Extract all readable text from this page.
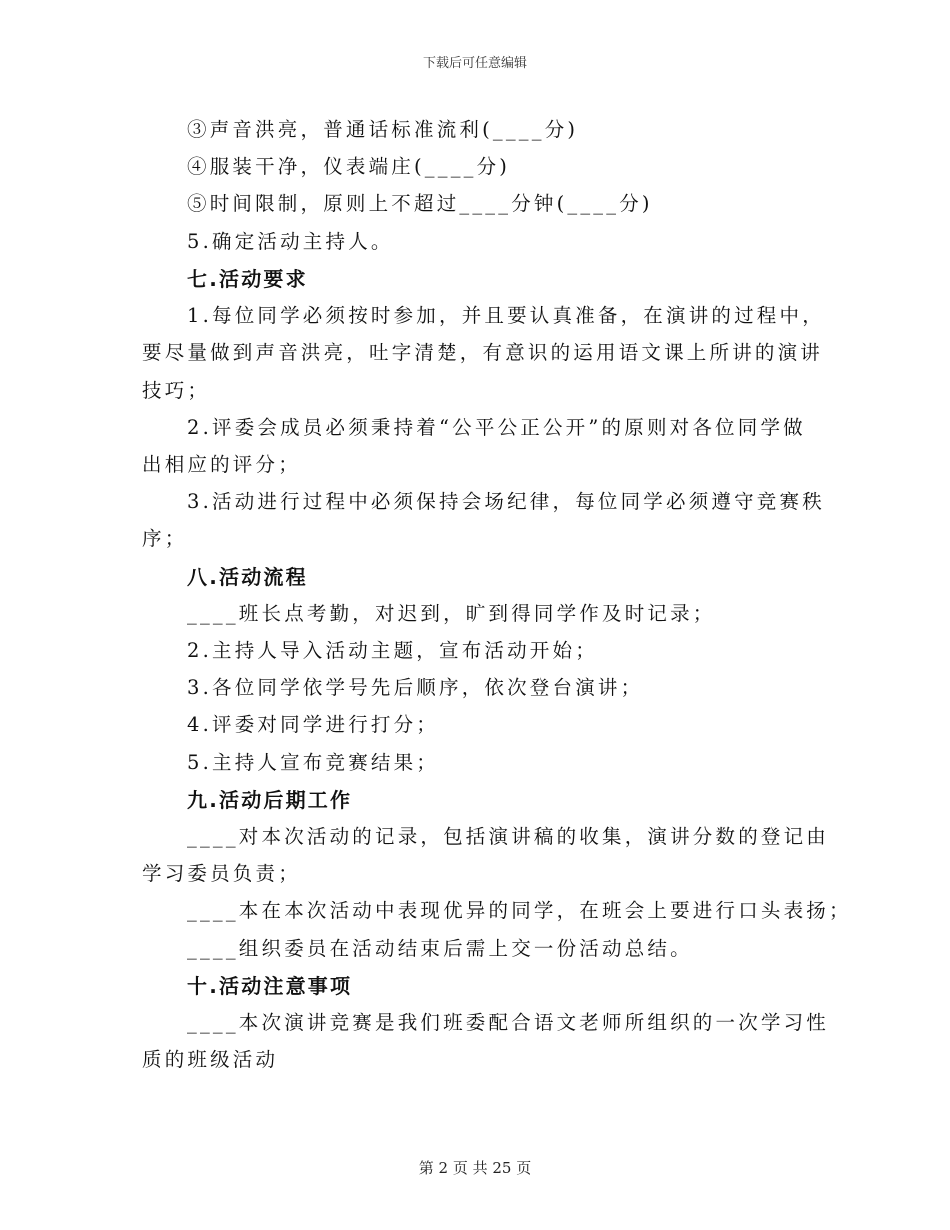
下载后可任意编辑
③声音洪亮，普通话标准流利(____分)
④服装干净，仪表端庄(____分)
⑤时间限制，原则上不超过____分钟(____分)
5.确定活动主持人。
七.活动要求
1.每位同学必须按时参加，并且要认真准备，在演讲的过程中，
要尽量做到声音洪亮，吐字清楚，有意识的运用语文课上所讲的演讲
技巧；
2.评委会成员必须秉持着“公平公正公开”的原则对各位同学做
出相应的评分；
3.活动进行过程中必须保持会场纪律，每位同学必须遵守竞赛秩
序；
八.活动流程
____班长点考勤，对迟到，旷到得同学作及时记录；
2.主持人导入活动主题，宣布活动开始；
3.各位同学依学号先后顺序，依次登台演讲；
4.评委对同学进行打分；
5.主持人宣布竞赛结果；
九.活动后期工作
____对本次活动的记录，包括演讲稿的收集，演讲分数的登记由
学习委员负责；
____本在本次活动中表现优异的同学，在班会上要进行口头表扬；
____组织委员在活动结束后需上交一份活动总结。
十.活动注意事项
____本次演讲竞赛是我们班委配合语文老师所组织的一次学习性
质的班级活动
第 2 页 共 25 页
